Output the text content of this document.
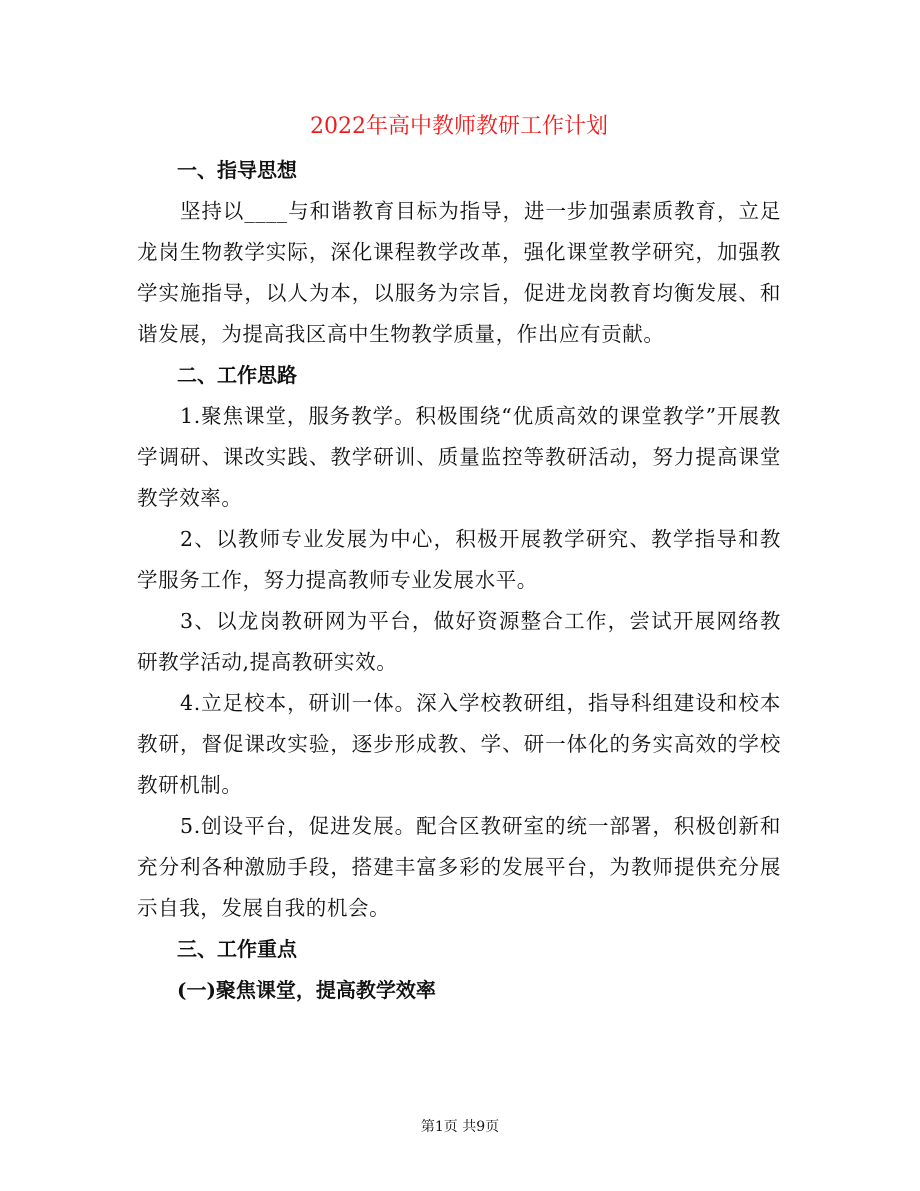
2022年高中教师教研工作计划

一、指导思想

坚持以____与和谐教育目标为指导，进一步加强素质教育，立足龙岗生物教学实际，深化课程教学改革，强化课堂教学研究，加强教学实施指导，以人为本，以服务为宗旨，促进龙岗教育均衡发展、和谐发展，为提高我区高中生物教学质量，作出应有贡献。

二、工作思路

1.聚焦课堂，服务教学。积极围绕“优质高效的课堂教学”开展教学调研、课改实践、教学研训、质量监控等教研活动，努力提高课堂教学效率。

2、以教师专业发展为中心，积极开展教学研究、教学指导和教学服务工作，努力提高教师专业发展水平。

3、以龙岗教研网为平台，做好资源整合工作，尝试开展网络教研教学活动,提高教研实效。

4.立足校本，研训一体。深入学校教研组，指导科组建设和校本教研，督促课改实验，逐步形成教、学、研一体化的务实高效的学校教研机制。

5.创设平台，促进发展。配合区教研室的统一部署，积极创新和充分利各种激励手段，搭建丰富多彩的发展平台，为教师提供充分展示自我，发展自我的机会。

三、工作重点

(一)聚焦课堂，提高教学效率

第1页 共9页
